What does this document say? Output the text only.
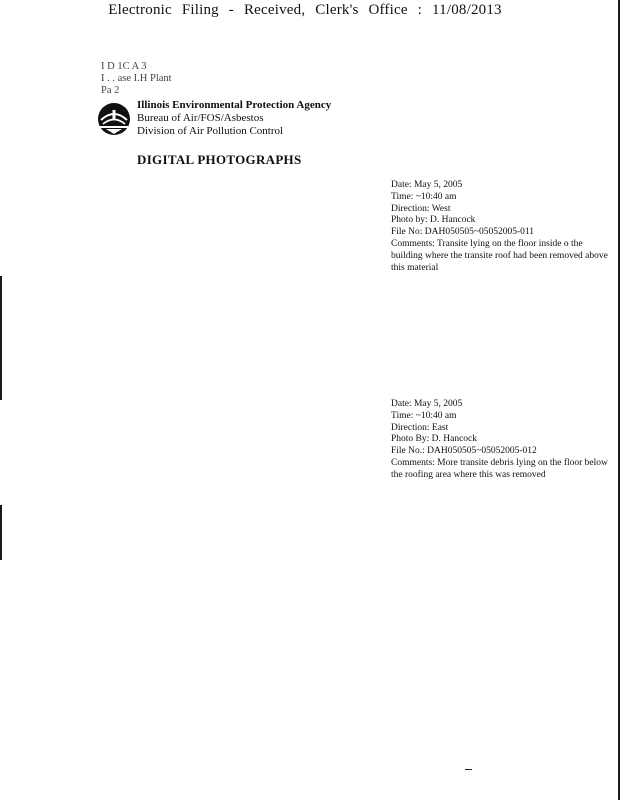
Electronic Filing - Received, Clerk's Office : 11/08/2013
I D 1C A 3
I . . ase I.H Plant
Pa 2
Illinois Environmental Protection Agency
Bureau of Air/FOS/Asbestos
Division of Air Pollution Control
DIGITAL PHOTOGRAPHS
Date: May 5, 2005
Time: ~10:40 am
Direction: West
Photo by: D. Hancock
File No: DAH050505~05052005-011
Comments: Transite lying on the floor inside o the building where the transite roof had been removed above this material
Date: May 5, 2005
Time: ~10:40 am
Direction: East
Photo By: D. Hancock
File No.: DAH050505~05052005-012
Comments: More transite debris lying on the floor below the roofing area where this was removed
